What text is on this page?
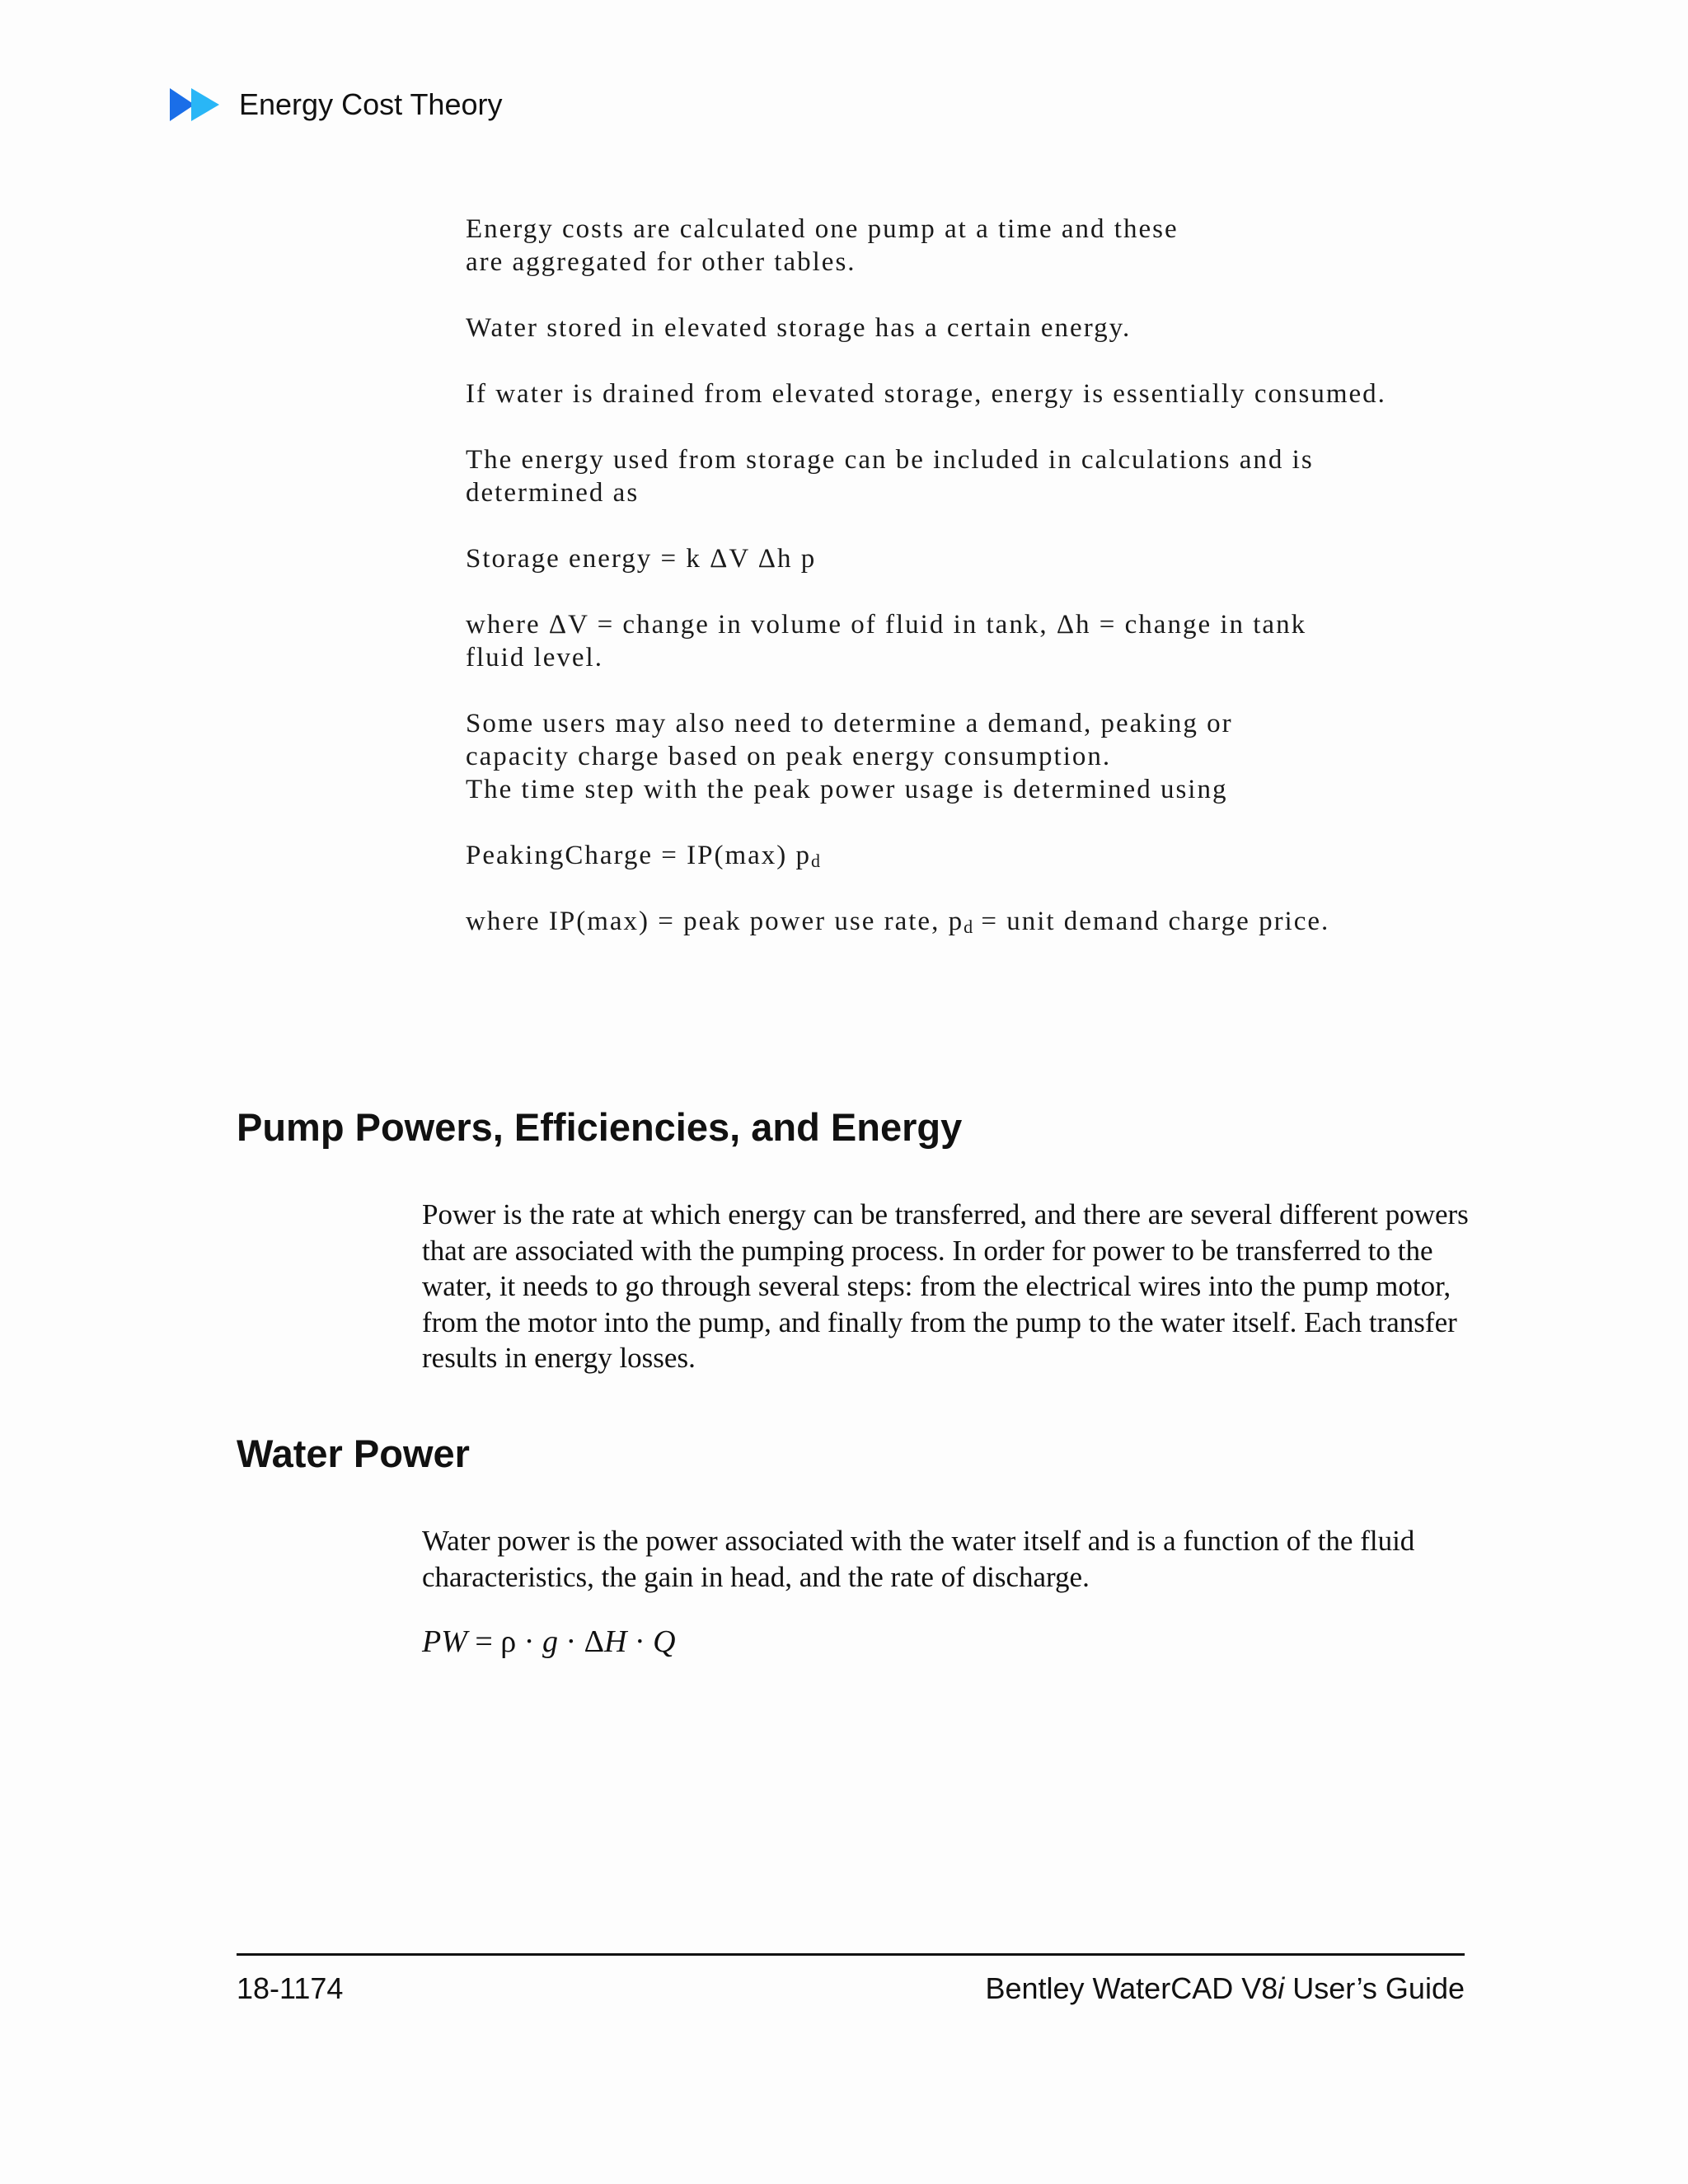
Energy Cost Theory

Energy costs are calculated one pump at a time and these
are aggregated for other tables.

Water stored in elevated storage has a certain energy.

If water is drained from elevated storage, energy is essentially consumed.

The energy used from storage can be included in calculations and is
determined as

Storage energy = k ΔV Δh p

where ΔV = change in volume of fluid in tank, Δh = change in tank
fluid level.

Some users may also need to determine a demand, peaking or
capacity charge based on peak energy consumption.
The time step with the peak power usage is determined using

PeakingCharge = IP(max) $p_d$

where IP(max) = peak power use rate, $p_d$ = unit demand charge price.

Pump Powers, Efficiencies, and Energy

Power is the rate at which energy can be transferred, and there are several different powers that are associated with the pumping process. In order for power to be transferred to the water, it needs to go through several steps: from the electrical wires into the pump motor, from the motor into the pump, and finally from the pump to the water itself. Each transfer results in energy losses.

Water Power

Water power is the power associated with the water itself and is a function of the fluid characteristics, the gain in head, and the rate of discharge.

PW = ρ · g · ΔH · Q
18-1174	Bentley WaterCAD V8i User’s Guide
